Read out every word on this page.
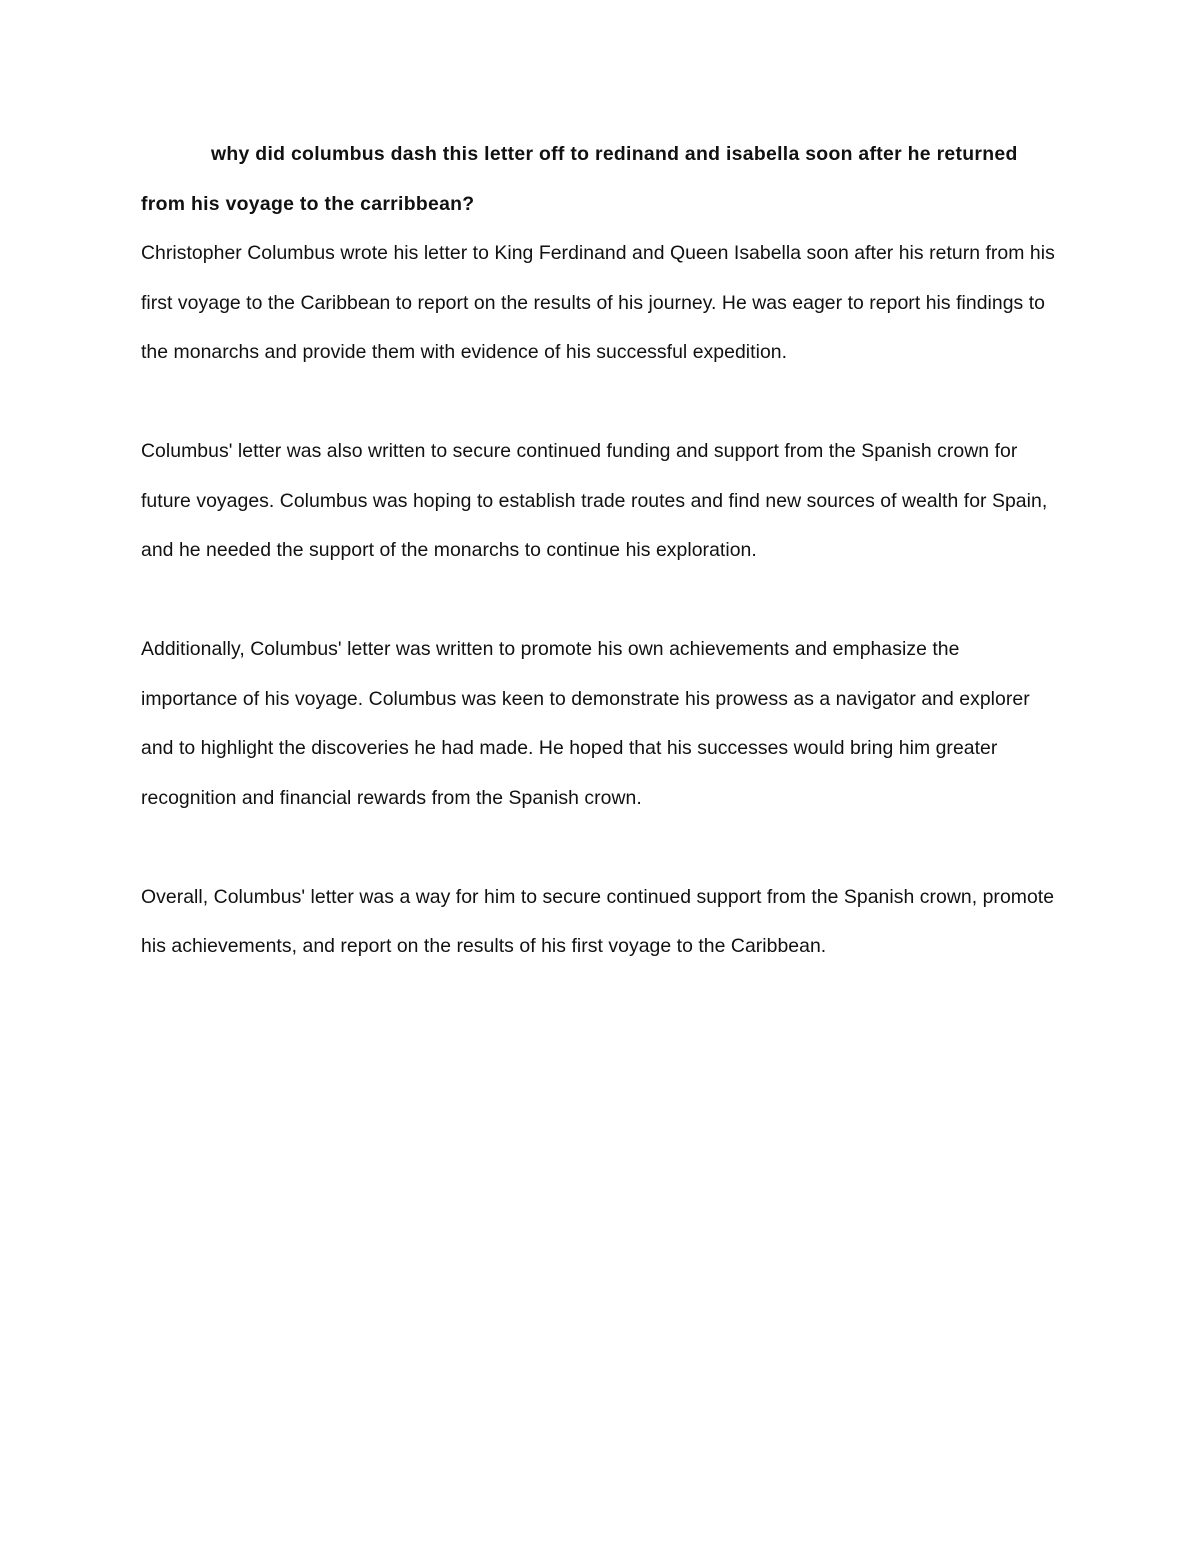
why did columbus dash this letter off to redinand and isabella soon after he returned from his voyage to the carribbean?

Christopher Columbus wrote his letter to King Ferdinand and Queen Isabella soon after his return from his first voyage to the Caribbean to report on the results of his journey. He was eager to report his findings to the monarchs and provide them with evidence of his successful expedition.

Columbus' letter was also written to secure continued funding and support from the Spanish crown for future voyages. Columbus was hoping to establish trade routes and find new sources of wealth for Spain, and he needed the support of the monarchs to continue his exploration.

Additionally, Columbus' letter was written to promote his own achievements and emphasize the importance of his voyage. Columbus was keen to demonstrate his prowess as a navigator and explorer and to highlight the discoveries he had made. He hoped that his successes would bring him greater recognition and financial rewards from the Spanish crown.

Overall, Columbus' letter was a way for him to secure continued support from the Spanish crown, promote his achievements, and report on the results of his first voyage to the Caribbean.
